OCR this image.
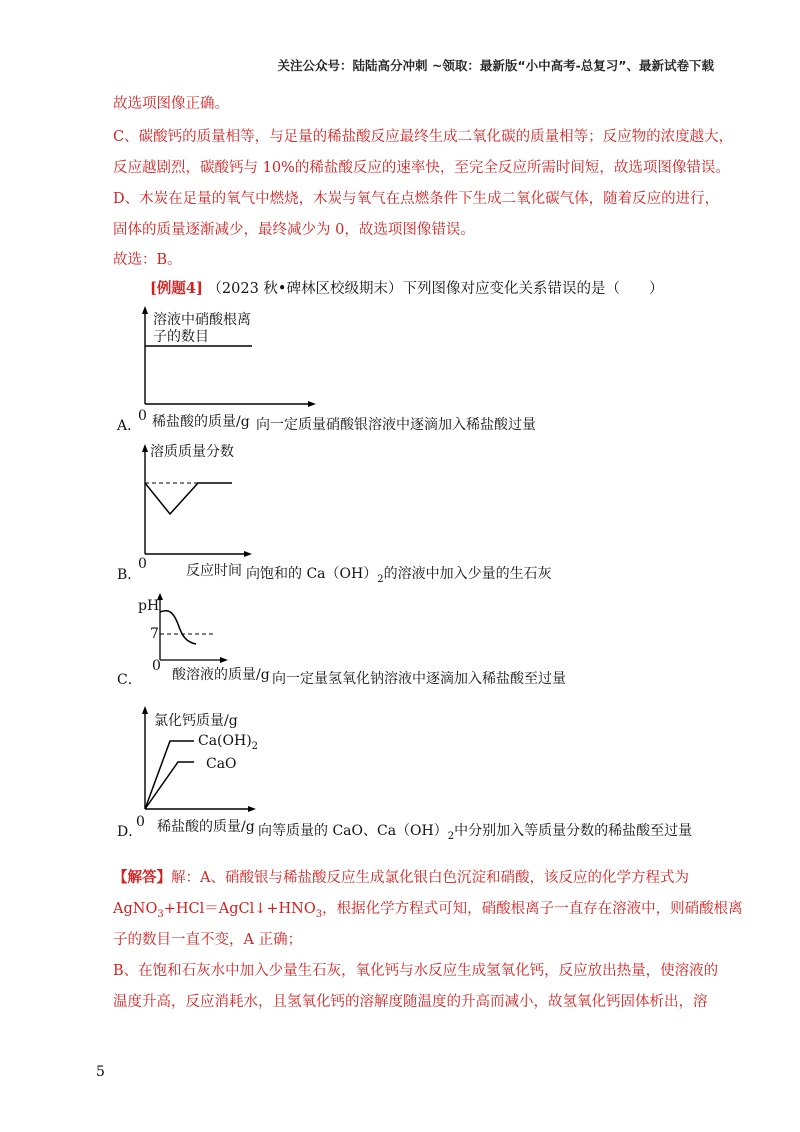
关注公众号：陆陆高分冲刺 ~领取：最新版“小中高考-总复习”、最新试卷下载
故选项图像正确。
C、碳酸钙的质量相等，与足量的稀盐酸反应最终生成二氧化碳的质量相等；反应物的浓度越大，
反应越剧烈，碳酸钙与 10%的稀盐酸反应的速率快，至完全反应所需时间短，故选项图像错误。
D、木炭在足量的氧气中燃烧，木炭与氧气在点燃条件下生成二氧化碳气体，随着反应的进行，
固体的质量逐渐减少，最终减少为 0，故选项图像错误。
故选：B。
[例题4] （2023 秋•碑林区校级期末）下列图像对应变化关系错误的是（　　）
溶液中硝酸根离
子的数目
0
A． 稀盐酸的质量/g 向一定质量硝酸银溶液中逐滴加入稀盐酸过量
溶质质量分数
0
B．	反应时间 向饱和的 $Ca(OH)_2$的溶液中加入少量的生石灰
pH
7
0
C． 酸溶液的质量/g 向一定量氢氧化钠溶液中逐滴加入稀盐酸至过量
氯化钙质量/g
$Ca(OH)_2$
CaO
0
D． 稀盐酸的质量/g 向等质量的 CaO、$Ca(OH)_2$中分别加入等质量分数的稀盐酸至过量
【解答】解：A、硝酸银与稀盐酸反应生成氯化银白色沉淀和硝酸，该反应的化学方程式为
$AgNO_3+HCl=AgCl↓+HNO_3$，根据化学方程式可知，硝酸根离子一直存在溶液中，则硝酸根离
子的数目一直不变，A 正确；
B、在饱和石灰水中加入少量生石灰，氧化钙与水反应生成氢氧化钙，反应放出热量，使溶液的
温度升高，反应消耗水，且氢氧化钙的溶解度随温度的升高而减小，故氢氧化钙固体析出，溶
5
